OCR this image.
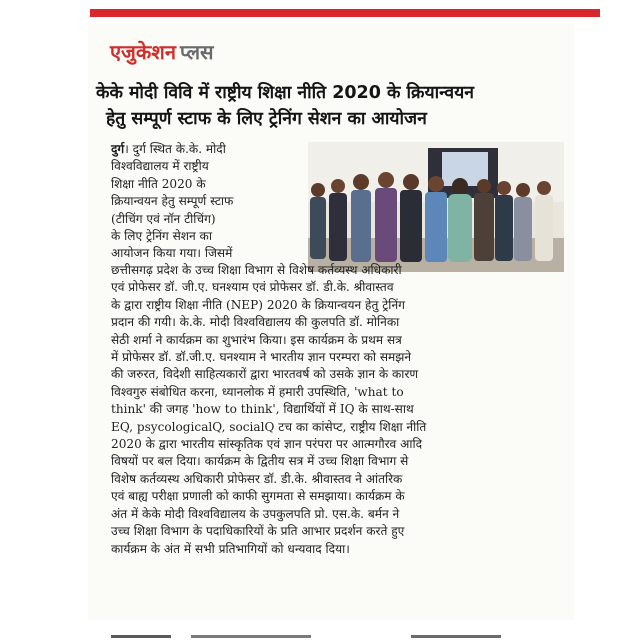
एजुकेशन प्लस
केके मोदी विवि में राष्ट्रीय शिक्षा नीति 2020 के क्रियान्वयन
हेतु सम्पूर्ण स्टाफ के लिए ट्रेनिंग सेशन का आयोजन
दुर्ग। दुर्ग स्थित के.के. मोदी
विश्वविद्यालय में राष्ट्रीय
शिक्षा नीति 2020 के
क्रियान्वयन हेतु सम्पूर्ण स्टाफ
(टीचिंग एवं नॉन टीचिंग)
के लिए ट्रेनिंग सेशन का
आयोजन किया गया। जिसमें
छत्तीसगढ़ प्रदेश के उच्च शिक्षा विभाग से विशेष कर्तव्यस्थ अधिकारी
एवं प्रोफेसर डॉ. जी.ए. घनश्याम एवं प्रोफेसर डॉ. डी.के. श्रीवास्तव
के द्वारा राष्ट्रीय शिक्षा नीति (NEP) 2020 के क्रियान्वयन हेतु ट्रेनिंग
प्रदान की गयी। के.के. मोदी विश्वविद्यालय की कुलपति डॉ. मोनिका
सेठी शर्मा ने कार्यक्रम का शुभारंभ किया। इस कार्यक्रम के प्रथम सत्र
में प्रोफेसर डॉ. डॉ.जी.ए. घनश्याम ने भारतीय ज्ञान परम्परा को समझने
की जरुरत, विदेशी साहित्यकारों द्वारा भारतवर्ष को उसके ज्ञान के कारण
विश्वगुरु संबोधित करना, ध्यानलोक में हमारी उपस्थिति, 'what to
think' की जगह 'how to think', विद्यार्थियों में IQ के साथ-साथ
EQ, psycologicalQ, socialQ टच का कांसेप्ट, राष्ट्रीय शिक्षा नीति
2020 के द्वारा भारतीय सांस्कृतिक एवं ज्ञान परंपरा पर आत्मगौरव आदि
विषयों पर बल दिया। कार्यक्रम के द्वितीय सत्र में उच्च शिक्षा विभाग से
विशेष कर्तव्यस्थ अधिकारी प्रोफेसर डॉ. डी.के. श्रीवास्तव ने आंतरिक
एवं बाह्य परीक्षा प्रणाली को काफी सुगमता से समझाया। कार्यक्रम के
अंत में केके मोदी विश्वविद्यालय के उपकुलपति प्रो. एस.के. बर्मन ने
उच्च शिक्षा विभाग के पदाधिकारियों के प्रति आभार प्रदर्शन करते हुए
कार्यक्रम के अंत में सभी प्रतिभागियों को धन्यवाद दिया।
